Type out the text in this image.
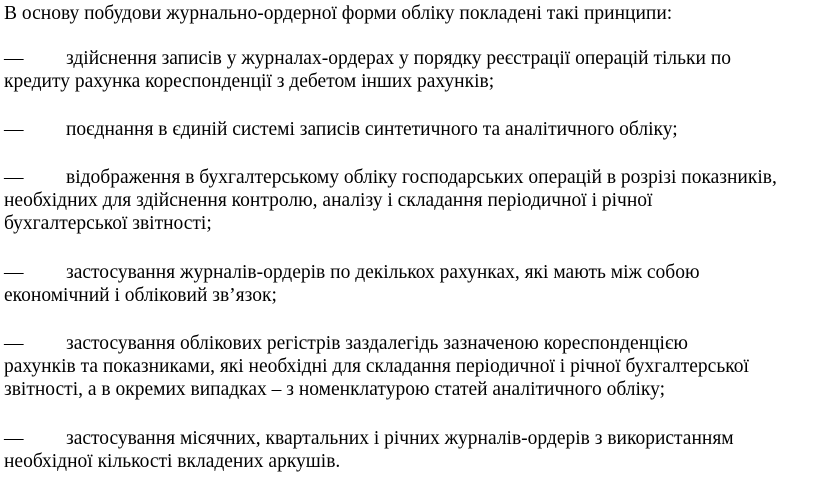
В основу побудови журнально-ордерної форми обліку покладені такі принципи:
— здійснення записів у журналах-ордерах у порядку реєстрації операцій тільки по
кредиту рахунка кореспонденції з дебетом інших рахунків;
— поєднання в єдиній системі записів синтетичного та аналітичного обліку;
— відображення в бухгалтерському обліку господарських операцій в розрізі показників,
необхідних для здійснення контролю, аналізу і складання періодичної і річної
бухгалтерської звітності;
— застосування журналів-ордерів по декількох рахунках, які мають між собою
економічний і обліковий зв’язок;
— застосування облікових регістрів заздалегідь зазначеною кореспонденцією
рахунків та показниками, які необхідні для складання періодичної і річної бухгалтерської
звітності, а в окремих випадках – з номенклатурою статей аналітичного обліку;
— застосування місячних, квартальних і річних журналів-ордерів з використанням
необхідної кількості вкладених аркушів.
